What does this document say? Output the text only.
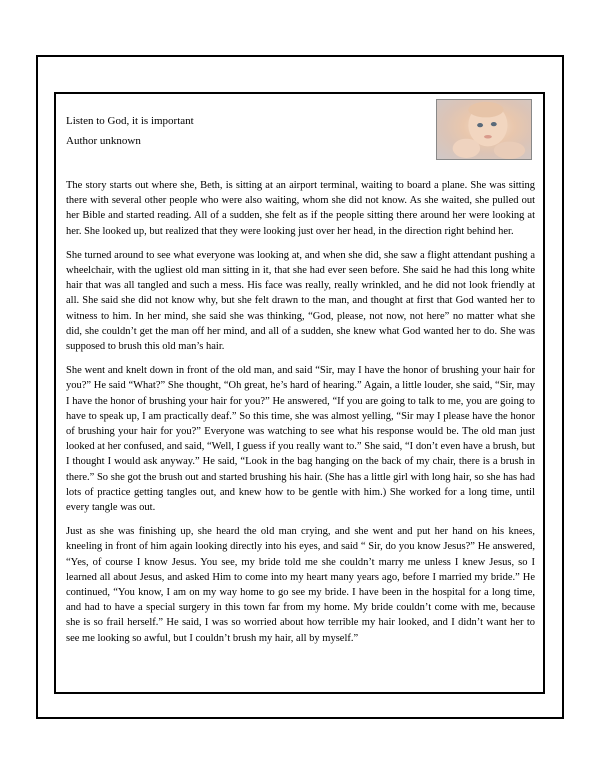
Listen to God, it is important
Author unknown

The story starts out where she, Beth, is sitting at an airport terminal, waiting to board a plane. She was sitting there with several other people who were also waiting, whom she did not know. As she waited, she pulled out her Bible and started reading. All of a sudden, she felt as if the people sitting there around her were looking at her. She looked up, but realized that they were looking just over her head, in the direction right behind her.

She turned around to see what everyone was looking at, and when she did, she saw a flight attendant pushing a wheelchair, with the ugliest old man sitting in it, that she had ever seen before. She said he had this long white hair that was all tangled and such a mess. His face was really, really wrinkled, and he did not look friendly at all. She said she did not know why, but she felt drawn to the man, and thought at first that God wanted her to witness to him. In her mind, she said she was thinking, “God, please, not now, not here” no matter what she did, she couldn’t get the man off her mind, and all of a sudden, she knew what God wanted her to do. She was supposed to brush this old man’s hair.

She went and knelt down in front of the old man, and said “Sir, may I have the honor of brushing your hair for you?” He said “What?” She thought, “Oh great, he’s hard of hearing.” Again, a little louder, she said, “Sir, may I have the honor of brushing your hair for you?” He answered, “If you are going to talk to me, you are going to have to speak up, I am practically deaf.” So this time, she was almost yelling, “Sir may I please have the honor of brushing your hair for you?” Everyone was watching to see what his response would be. The old man just looked at her confused, and said, “Well, I guess if you really want to.” She said, “I don’t even have a brush, but I thought I would ask anyway.” He said, “Look in the bag hanging on the back of my chair, there is a brush in there.” So she got the brush out and started brushing his hair. (She has a little girl with long hair, so she has had lots of practice getting tangles out, and knew how to be gentle with him.) She worked for a long time, until every tangle was out.

Just as she was finishing up, she heard the old man crying, and she went and put her hand on his knees, kneeling in front of him again looking directly into his eyes, and said “ Sir, do you know Jesus?” He answered, “Yes, of course I know Jesus. You see, my bride told me she couldn’t marry me unless I knew Jesus, so I learned all about Jesus, and asked Him to come into my heart many years ago, before I married my bride.” He continued, “You know, I am on my way home to go see my bride. I have been in the hospital for a long time, and had to have a special surgery in this town far from my home. My bride couldn’t come with me, because she is so frail herself.” He said, I was so worried about how terrible my hair looked, and I didn’t want her to see me looking so awful, but I couldn’t brush my hair, all by myself.”
